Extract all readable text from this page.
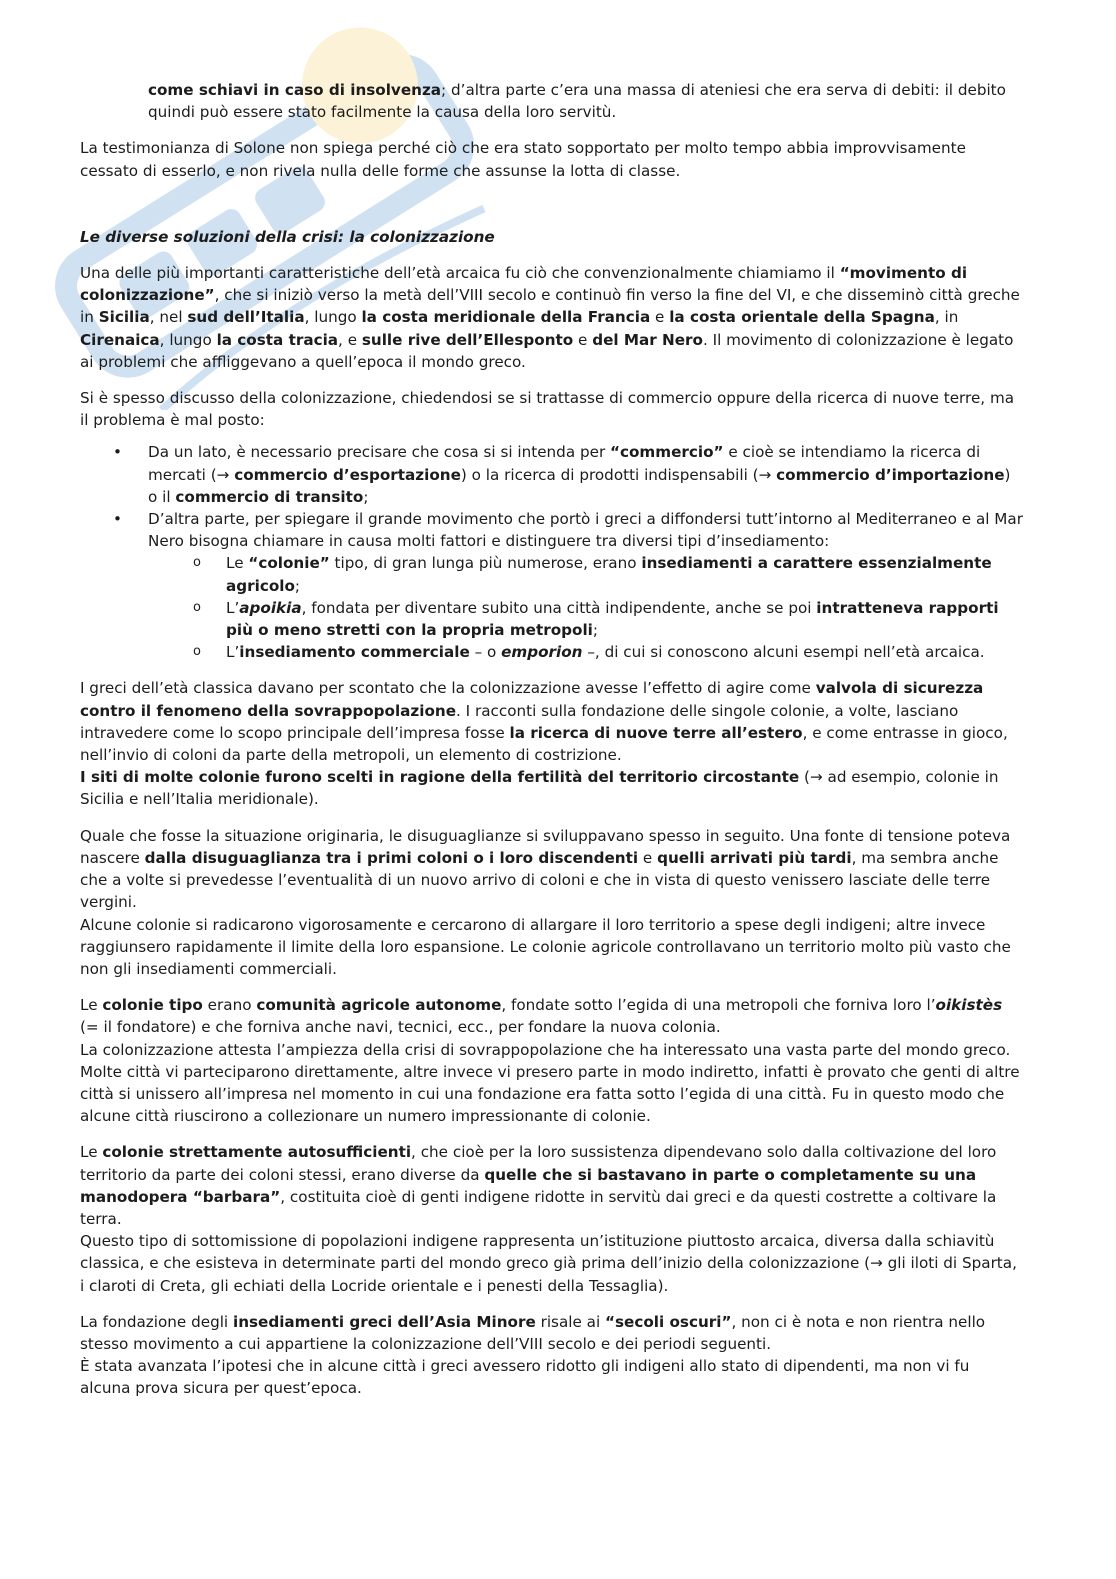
come schiavi in caso di insolvenza; d’altra parte c’era una massa di ateniesi che era serva di debiti: il debito quindi può essere stato facilmente la causa della loro servitù.

La testimonianza di Solone non spiega perché ciò che era stato sopportato per molto tempo abbia improvvisamente cessato di esserlo, e non rivela nulla delle forme che assunse la lotta di classe.

Le diverse soluzioni della crisi: la colonizzazione

Una delle più importanti caratteristiche dell’età arcaica fu ciò che convenzionalmente chiamiamo il “movimento di colonizzazione”, che si iniziò verso la metà dell’VIII secolo e continuò fin verso la fine del VI, e che disseminò città greche in Sicilia, nel sud dell’Italia, lungo la costa meridionale della Francia e la costa orientale della Spagna, in Cirenaica, lungo la costa tracia, e sulle rive dell’Ellesponto e del Mar Nero. Il movimento di colonizzazione è legato ai problemi che affliggevano a quell’epoca il mondo greco.

Si è spesso discusso della colonizzazione, chiedendosi se si trattasse di commercio oppure della ricerca di nuove terre, ma il problema è mal posto:

• Da un lato, è necessario precisare che cosa si si intenda per “commercio” e cioè se intendiamo la ricerca di mercati (→ commercio d’esportazione) o la ricerca di prodotti indispensabili (→ commercio d’importazione) o il commercio di transito;
• D’altra parte, per spiegare il grande movimento che portò i greci a diffondersi tutt’intorno al Mediterraneo e al Mar Nero bisogna chiamare in causa molti fattori e distinguere tra diversi tipi d’insediamento:
o Le “colonie” tipo, di gran lunga più numerose, erano insediamenti a carattere essenzialmente agricolo;
o L’apoikia, fondata per diventare subito una città indipendente, anche se poi intratteneva rapporti più o meno stretti con la propria metropoli;
o L’insediamento commerciale – o emporion –, di cui si conoscono alcuni esempi nell’età arcaica.

I greci dell’età classica davano per scontato che la colonizzazione avesse l’effetto di agire come valvola di sicurezza contro il fenomeno della sovrappopolazione. I racconti sulla fondazione delle singole colonie, a volte, lasciano intravedere come lo scopo principale dell’impresa fosse la ricerca di nuove terre all’estero, e come entrasse in gioco, nell’invio di coloni da parte della metropoli, un elemento di costrizione.
I siti di molte colonie furono scelti in ragione della fertilità del territorio circostante (→ ad esempio, colonie in Sicilia e nell’Italia meridionale).

Quale che fosse la situazione originaria, le disuguaglianze si sviluppavano spesso in seguito. Una fonte di tensione poteva nascere dalla disuguaglianza tra i primi coloni o i loro discendenti e quelli arrivati più tardi, ma sembra anche che a volte si prevedesse l’eventualità di un nuovo arrivo di coloni e che in vista di questo venissero lasciate delle terre vergini.
Alcune colonie si radicarono vigorosamente e cercarono di allargare il loro territorio a spese degli indigeni; altre invece raggiunsero rapidamente il limite della loro espansione. Le colonie agricole controllavano un territorio molto più vasto che non gli insediamenti commerciali.

Le colonie tipo erano comunità agricole autonome, fondate sotto l’egida di una metropoli che forniva loro l’oikistès (= il fondatore) e che forniva anche navi, tecnici, ecc., per fondare la nuova colonia.
La colonizzazione attesta l’ampiezza della crisi di sovrappopolazione che ha interessato una vasta parte del mondo greco. Molte città vi parteciparono direttamente, altre invece vi presero parte in modo indiretto, infatti è provato che genti di altre città si unissero all’impresa nel momento in cui una fondazione era fatta sotto l’egida di una città. Fu in questo modo che alcune città riuscirono a collezionare un numero impressionante di colonie.

Le colonie strettamente autosufficienti, che cioè per la loro sussistenza dipendevano solo dalla coltivazione del loro territorio da parte dei coloni stessi, erano diverse da quelle che si bastavano in parte o completamente su una manodopera “barbara”, costituita cioè di genti indigene ridotte in servitù dai greci e da questi costrette a coltivare la terra.
Questo tipo di sottomissione di popolazioni indigene rappresenta un’istituzione piuttosto arcaica, diversa dalla schiavitù classica, e che esisteva in determinate parti del mondo greco già prima dell’inizio della colonizzazione (→ gli iloti di Sparta, i claroti di Creta, gli echiati della Locride orientale e i penesti della Tessaglia).

La fondazione degli insediamenti greci dell’Asia Minore risale ai “secoli oscuri”, non ci è nota e non rientra nello stesso movimento a cui appartiene la colonizzazione dell’VIII secolo e dei periodi seguenti.
È stata avanzata l’ipotesi che in alcune città i greci avessero ridotto gli indigeni allo stato di dipendenti, ma non vi fu alcuna prova sicura per quest’epoca.
